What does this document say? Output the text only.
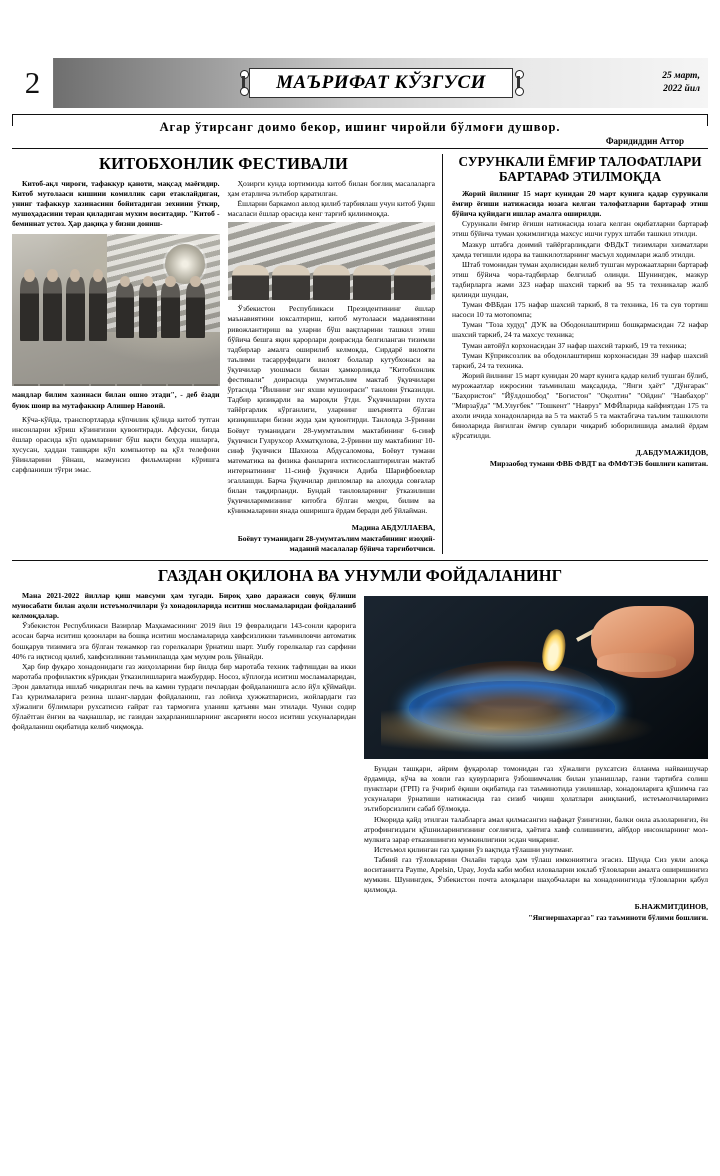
2	МАЪРИФАТ КЎЗГУСИ	25 март,
2022 йил
Агар ўтирсанг доимо бекор, ишинг чиройли бўлмоғи душвор.
Фаридиддин Аттор
КИТОБХОНЛИК ФЕСТИВАЛИ

Китоб-ақл чироғи, тафаккур қаноти, мақсад маёғидир. Китоб мутолааси кишини комиллик сари етаклайдиган, унинг тафаккур хазинасини бойитадиган зехнини ўткир, мушоҳадасини теран қиладиган мухим воситадир. "Китоб - беминнат устоз. Ҳар дақиқа у бизни дониш-

мандлар билим хазинаси билан ошно этади", - деб ёзади буюк шоир ва мутафаккир Алишер Навоий.

Кўча-кўйда, транспортларда кўпчилик қўлида китоб тутган инсонларни кўриш кўзингизни қувонтиради. Афсуски, бизда ёшлар орасида кўп одамларнинг бўш вақти беҳуда ишларга, хусусан, ҳаддан ташқари кўп компьютер ва қўл телефони ўйинларини ўйнаш, мазмунсиз фильмларни кўришга сарфланиши тўғри эмас.

Ҳозирги кунда юртимизда китоб билан боғлиқ масалаларга ҳам етарлича эътибор қаратилган.

Ёшларни баркамол авлод қилиб тарбиялаш учун китоб ўқиш масаласи ёшлар орасида кенг тарғиб қилинмоқда.

Ўзбекистон Республикаси Президентининг ёшлар маънавиятини юксалтириш, китоб мутолааси маданиятини ривожлантириш ва уларни бўш вақтларини ташкил этиш бўйича бешга яқин қарорлари доирасида белгиланган тизимли тадбирлар амалга оширилиб келмоқда, Сирдарё вилояти таълими тасарруфидаги вилоят болалар кутубхонаси ва ўқувчилар уюшмаси билан ҳамкорликда "Китобхонлик фестивали" доирасида умумтаълим мактаб ўқувчилари ўртасида "Йилнинг энг яхши мушоираси" танлови ўтказилди. Тадбир қизиқарли ва мароқли ўтди. Ўқувчиларни пухта тайёргарлик кўрганлиги, уларнинг шеъриятга бўлган қизиқишлари бизни жуда ҳам қувонтирди. Танловда 3-ўринни Боёвут туманидаги 28-умумтаълим мактабининг 6-синф ўқувчиси Гулрухсор Ахматқулова, 2-ўринни шу мактабнинг 10-синф ўқувчиси Шахноза Абдусаломова, Боёвут тумани математика ва физика фанларига ихтисослаштирилган мактаб интернатининг 11-синф ўқувчиси Адиба Шарифбоевлар эгаллашди. Барча ўқувчилар дипломлар ва алоҳида совғалар билан тақдирланди. Бундай танловларнинг ўтказилиши ўқувчиларимизнинг китобга бўлган меҳри, билим ва кўникмаларини янада оширишга ёрдам беради деб ўйлайман.

Мадина АБДУЛЛАЕВА,
Боёвут туманидаги 28-умумтаълим мактабининг изоҳий-маданий масалалар бўйича тарғиботчиси.
СУРУНКАЛИ ЁМҒИР ТАЛОФАТЛАРИ БАРТАРАФ ЭТИЛМОҚДА

Жорий йилнинг 15 март кунидан 20 март кунига қадар сурункали ёмғир ёғиши натижасида юзага келган талофатларни бартараф этиш бўйича қуйидаги ишлар амалга оширилди.

Сурункали ёмғир ёғиши натижасида юзага келган оқибатларни бартараф этиш бўйича туман ҳокимлигида махсус ишчи гурух штаби ташкил этилди.

Мазкур штабга доимий тайёргарликдаги ФВДкТ тизимлари хизматлари ҳамда тегишли идора ва ташкилотларнинг масъул ходимлари жалб этилди.

Штаб томонидан туман аҳолисидан келиб тушган мурожаатларни бартараф этиш бўйича чора-тадбирлар белгилаб олинди. Шунингдек, мазкур тадбирларга жами 323 нафар шахсий таркиб ва 95 та техникалар жалб қилинди шундан,

Туман ФВБдан 175 нафар шахсий таркиб, 8 та техника, 16 та сув тортиш насоси 10 та мотопомпа;

Туман "Тоза худуд" ДУК ва Ободонлаштириш бошқармасидан 72 нафар шахсий таркиб, 24 та махсус техника;

Туман автойўл корхонасидан 37 нафар шахсий таркиб, 19 та техника;

Туман Кўприксозлик ва ободонлаштириш корхонасидан 39 нафар шахсий таркиб, 24 та техника.

Жорий йилнинг 15 март кунидан 20 март кунига қадар келиб тушган бўлиб, мурожаатлар ижросини таъминлаш мақсадида, "Янги ҳаёт" "Дўнғарак" "Баҳористон" "Йўлдошобод" "Богистон" "Оқолтин" "Ойдин" "Навбаҳор" "Мирзаўда" "М.Улуғбек" "Тошкент" "Навруз" МФЙларида кайфиятдан 175 та ахоли ичида хонадонларида ва 5 та мактаб 5 та мактабгача таълим ташкилоти биноларида йиғилган ёмғир сувлари чиқариб юборилишида амалий ёрдам кўрсатилди.

Д.АБДУМАЖИДОВ,
Мирзаобод тумани ФВБ ФВДТ ва ФМФТЭБ бошлиғи капитан.
ГАЗДАН ОҚИЛОНА ВА УНУМЛИ ФОЙДАЛАНИНГ

Мана 2021-2022 йиллар қиш мавсуми ҳам тугади. Бироқ ҳаво даражаси совуқ бўлиши муносабати билан аҳоли истеъмолчилари ўз хонадонларида иситиш мосламаларидан фойдаланиб келмоқдалар.

Ўзбекистон Республикаси Вазирлар Маҳкамасининг 2019 йил 19 февралидаги 143-сонли қарорига асосан барча иситиш қозонлари ва бошқа иситиш мосламаларида хавфсизликни таъминловчи автоматик бошқарув тизимига эга бўлган тежамкор газ горелкалари ўрнатиш шарт. Ушбу горелкалар газ сарфини 40% га иқтисод қилиб, хавфсизликни таъминлашда ҳам муҳим роль ўйнайди.

Ҳар бир фуқаро хонадонидаги газ жиҳозларини бир йилда бир маротаба техник тафтишдан ва икки маротаба профилактик кўрикдан ўтказилишларига мажбурдир. Носоз, кўплоғда иситиш мосламаларидан, Эрон давлатида ишлаб чиқарилган печь ва камин турдаги печлардан фойдаланишга асло йўл қўймайди. Газ қурилмаларига резина шланг-лардан фойдаланиш, газ лойиҳа ҳужжатларисиз, жойлардаги газ хўжалиги бўлимлари рухсатисиз ғайрат газ тармоғига уланиш қатъиян ман этилади. Чунки содир бўлаётган ёнғин ва чақнашлар, ис газидан заҳарланишларнинг аксарияти носоз иситиш ускуналаридан фойдаланиш оқибатида келиб чиқмоқда.

Бундан ташқари, айрим фуқаролар томонидан газ хўжалиги рухсатсиз ёлланма найваишучар ёрдамида, кўча ва ховли газ қувурларига ўзбошимчалик билан уланишлар, газни тартибга солиш пунктлари (ГРП) га ўчириб ёқиши оқибатида газ таъминотида узилишлар, хонадонларига қўшимча газ ускуналари ўрнатиши натижасида газ сизиб чиқиш ҳолатлари аниқланиб, истеъмолчиларимиз эътиборсизлиги сабаб бўлмоқда.

Юкорида қайд этилган талабларга амал қилмасангиз нафақат ўзингизни, балки оила аъзоларингиз, ён атрофингиздаги қўшниларингизнинг соғлиғига, ҳаётига хавф солишингиз, айбдор инсонларнинг мол-мулкига зарар етказишингиз мумкинлигини эсдан чиқаринг.

Истеъмол қилинган газ ҳақини ўз вақтида тўлашни унутманг.

Табиий газ тўловларини Онлайн тарзда ҳам тўлаш имкониятига эгасиз. Шунда Сиз уяли алоқа воситанигга Payme, Apelsin, Upay, Joyda каби мобил иловаларни юклаб тўловларни амалга оширишингиз мумкин. Шунингдек, Ўзбекистон почта алоқалари шаҳобчалари ва хонадонингизда тўловларни қабул қилмоқда.

Б.НАЖМИТДИНОВ,
"Янгиершахаргаз" газ таъминоти бўлими бошлиғи.
